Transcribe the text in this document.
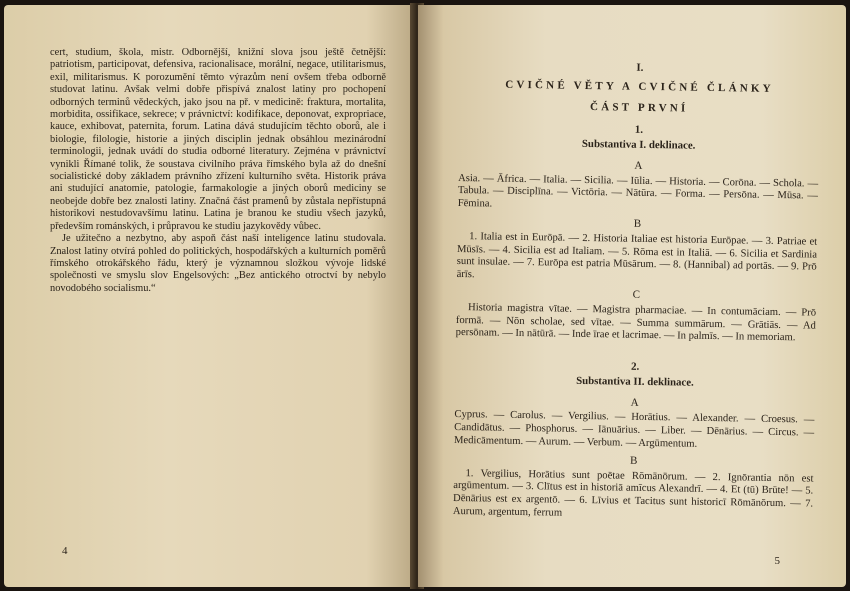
cert, studium, škola, mistr. Odbornější, knižní slova jsou ještě četnější: patriotism, participovat, defensiva, racionalisace, morální, negace, utilitarismus, exil, militarismus. K porozumění těmto výrazům není ovšem třeba odborně studovat latinu. Avšak velmi dobře přispívá znalost latiny pro pochopení odborných terminů vědeckých, jako jsou na př. v medicině: fraktura, mortalita, morbidita, ossifikace, sekrece; v právnictví: kodifikace, deponovat, expropriace, kauce, exhibovat, paternita, forum. Latina dává studujícím těchto oborů, ale i biologie, filologie, historie a jiných disciplin jednak obsáhlou mezinárodní terminologii, jednak uvádí do studia odborné literatury. Zejména v právnictví vynikli Římané tolik, že soustava civilního práva římského byla až do dnešní socialistické doby základem právního zřízení kulturního světa. Historik práva ani studující anatomie, patologie, farmakologie a jiných oborů mediciny se neobejde dobře bez znalosti latiny. Značná část pramenů by zůstala nepřístupná historikovi nestudovavšímu latinu. Latina je branou ke studiu všech jazyků, především románských, i průpravou ke studiu jazykovědy vůbec.

Je užitečno a nezbytno, aby aspoň část naší inteligence latinu studovala. Znalost latiny otvírá pohled do politických, hospodářských a kulturních poměrů římského otrokářského řádu, který je významnou složkou vývoje lidské společnosti ve smyslu slov Engelsových: „Bez antického otroctví by nebylo novodobého socialismu.“

4
I.
CVIČNÉ VĚTY A CVIČNÉ ČLÁNKY
ČÁST PRVNÍ
1.
Substantiva I. deklinace.
A

Asia. — Āfrica. — Italia. — Sicilia. — Iūlia. — Historia. — Corōna. — Schola. — Tabula. — Disciplīna. — Victōria. — Nātūra. — Forma. — Persōna. — Mūsa. — Fēmina.

B

1. Italia est in Eurōpā. — 2. Historia Italiae est historia Eurōpae. — 3. Patriae et Mūsīs. — 4. Sicilia est ad Italiam. — 5. Rōma est in Italiā. — 6. Sicilia et Sardinia sunt insulae. — 7. Eurōpa est patria Mūsārum. — 8. (Hannibal) ad portās. — 9. Prō ārīs.

C

Historia magistra vītae. — Magistra pharmaciae. — In contumāciam. — Prō formā. — Nōn scholae, sed vītae. — Summa summārum. — Grātiās. — Ad persōnam. — In nātūrā. — Inde īrae et lacrimae. — In palmīs. — In memoriam.

2.
Substantiva II. deklinace.
A

Cyprus. — Carolus. — Vergilius. — Horātius. — Alexander. — Croesus. — Candidātus. — Phosphorus. — Iānuārius. — Liber. — Dēnārius. — Circus. — Medicāmentum. — Aurum. — Verbum. — Argūmentum.

B

1. Vergilius, Horātius sunt poētae Rōmānōrum. — 2. Ignōrantia nōn est argūmentum. — 3. Clītus est in historiā amīcus Alexandrī. — 4. Et (tū) Brūte! — 5. Dēnārius est ex argentō. — 6. Līvius et Tacitus sunt historicī Rōmānōrum. — 7. Aurum, argentum, ferrum

5
